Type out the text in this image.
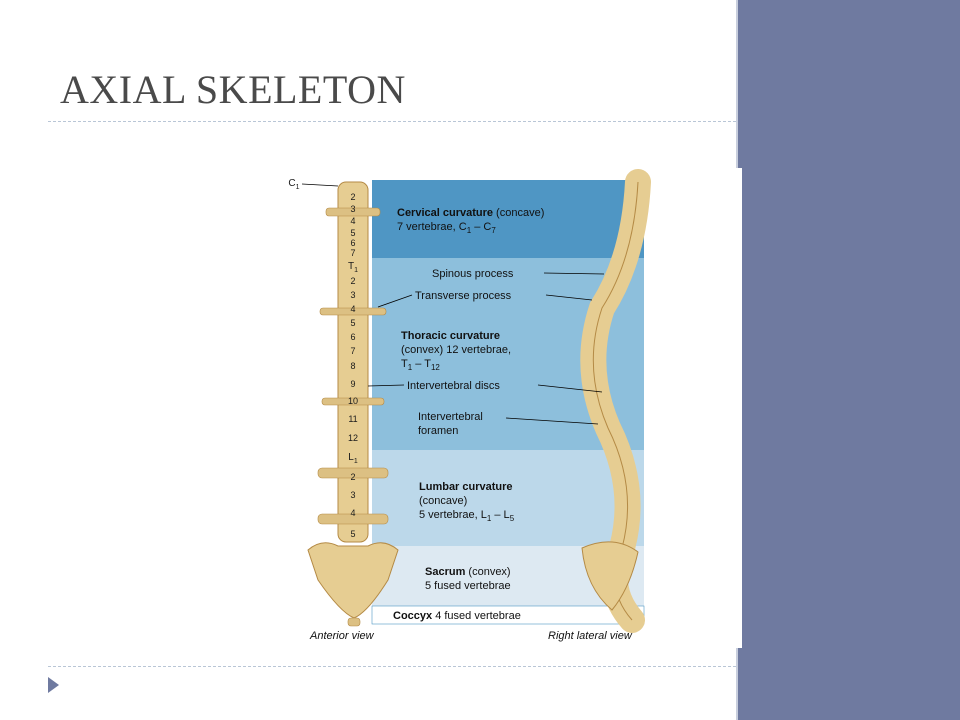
AXIAL SKELETON
$C_1$
2
3
4
5
6
7
$T_1$
2
3
4
5
6
7
8
9
10
11
12
$L_1$
2
3
4
5
Cervical curvature (concave)
7 vertebrae, $C_1 - C_7$
Thoracic curvature
(convex) 12 vertebrae,
$T_1 - T_{12}$
Lumbar curvature
(concave)
5 vertebrae, $L_1 - L_5$
Sacrum (convex)
5 fused vertebrae
Coccyx 4 fused vertebrae
Spinous process
Transverse process
Intervertebral discs
Intervertebral
foramen
Anterior view	Right lateral view
